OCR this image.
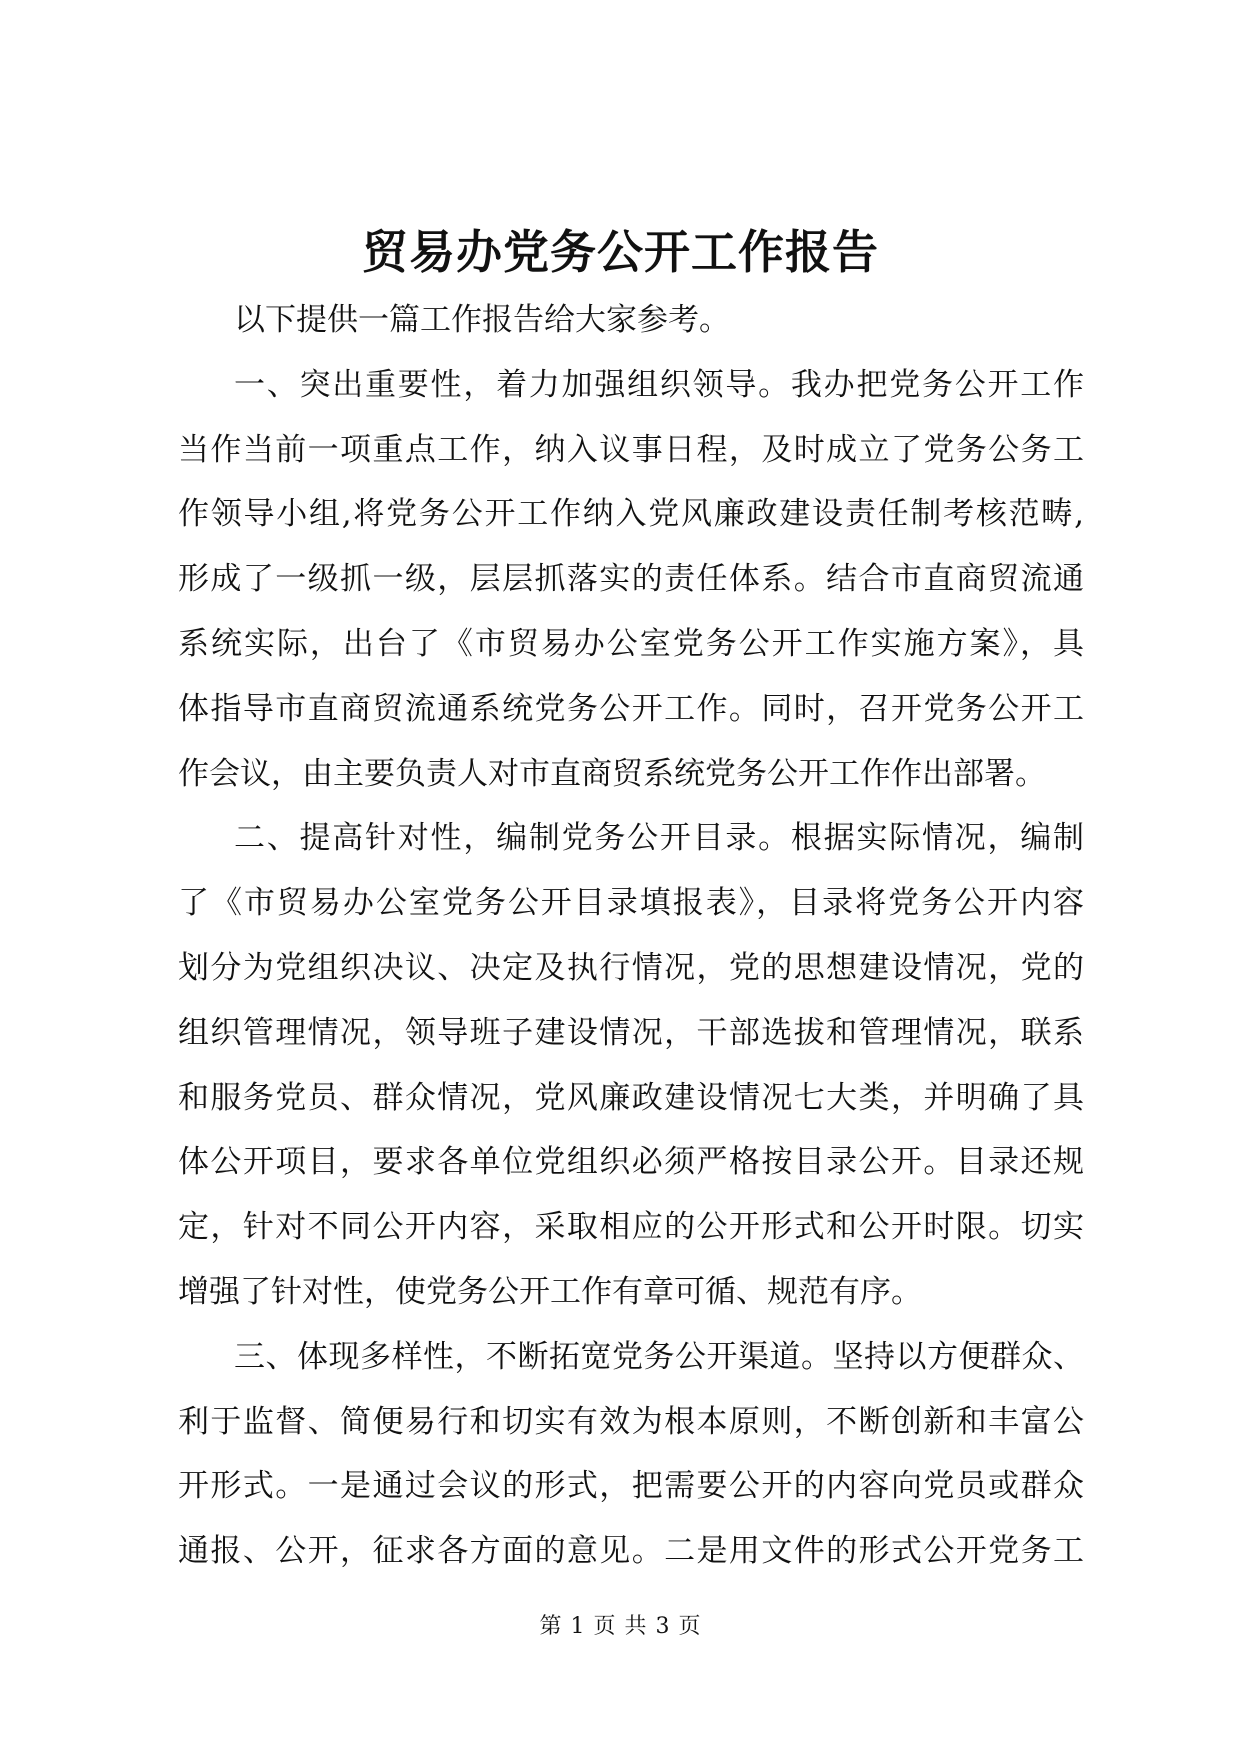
贸易办党务公开工作报告
以下提供一篇工作报告给大家参考。
一、突出重要性，着力加强组织领导。我办把党务公开工作
当作当前一项重点工作，纳入议事日程，及时成立了党务公务工
作领导小组,将党务公开工作纳入党风廉政建设责任制考核范畴,
形成了一级抓一级，层层抓落实的责任体系。结合市直商贸流通
系统实际，出台了《市贸易办公室党务公开工作实施方案》，具
体指导市直商贸流通系统党务公开工作。同时，召开党务公开工
作会议，由主要负责人对市直商贸系统党务公开工作作出部署。
二、提高针对性，编制党务公开目录。根据实际情况，编制
了《市贸易办公室党务公开目录填报表》，目录将党务公开内容
划分为党组织决议、决定及执行情况，党的思想建设情况，党的
组织管理情况，领导班子建设情况，干部选拔和管理情况，联系
和服务党员、群众情况，党风廉政建设情况七大类，并明确了具
体公开项目，要求各单位党组织必须严格按目录公开。目录还规
定，针对不同公开内容，采取相应的公开形式和公开时限。切实
增强了针对性，使党务公开工作有章可循、规范有序。
三、体现多样性，不断拓宽党务公开渠道。坚持以方便群众、
利于监督、简便易行和切实有效为根本原则，不断创新和丰富公
开形式。一是通过会议的形式，把需要公开的内容向党员或群众
通报、公开，征求各方面的意见。二是用文件的形式公开党务工
第 1 页 共 3 页
